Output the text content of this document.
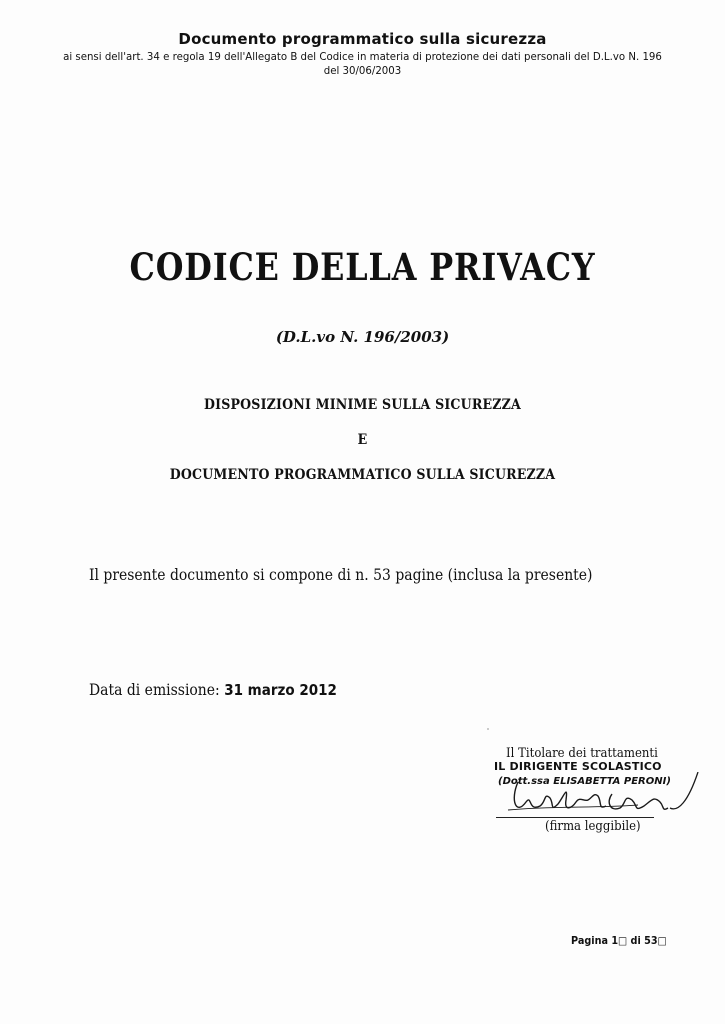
Documento programmatico sulla sicurezza

ai sensi dell'art. 34 e regola 19 dell'Allegato B del Codice in materia di protezione dei dati personali del D.L.vo N. 196 del 30/06/2003

CODICE DELLA PRIVACY
(D.L.vo N. 196/2003)
DISPOSIZIONI MINIME SULLA SICUREZZA
E
DOCUMENTO PROGRAMMATICO SULLA SICUREZZA
Il presente documento si compone di n. 53 pagine (inclusa la presente)
Data di emissione: 31 marzo 2012
Il Titolare dei trattamenti
IL DIRIGENTE SCOLASTICO
(Dott.ssa ELISABETTA PERONI)
(firma leggibile)
Pagina 1□ di 53□
